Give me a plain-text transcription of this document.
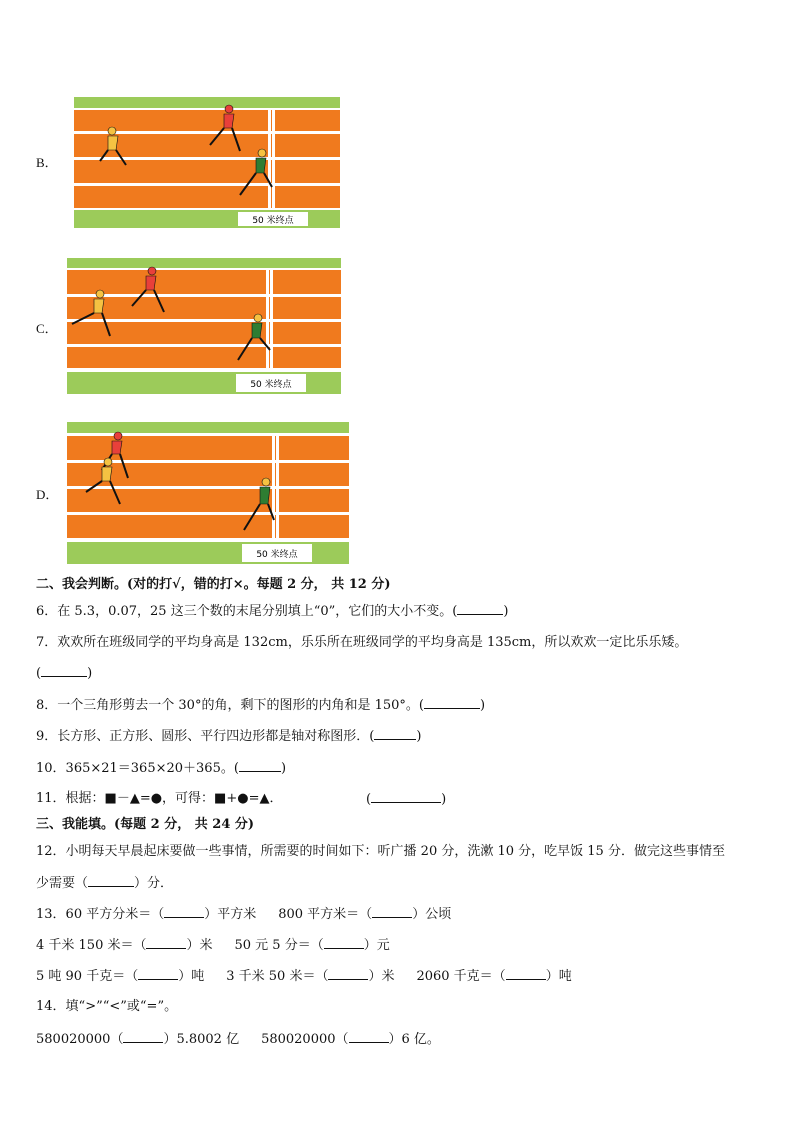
B．
50 米终点
C．
50 米终点
D．
50 米终点
二、我会判断。(对的打√，错的打×。每题 2 分， 共 12 分)
6．在 5.3，0.07，25 这三个数的末尾分别填上“0”，它们的大小不变。(	)
7．欢欢所在班级同学的平均身高是 132cm，乐乐所在班级同学的平均身高是 135cm，所以欢欢一定比乐乐矮。
(	)
8．一个三角形剪去一个 30°的角，剩下的图形的内角和是 150°。(	)
9．长方形、正方形、圆形、平行四边形都是轴对称图形．(	)
10．365×21＝365×20＋365。(	)
11．根据：■－▲=●，可得：■+●=▲．	(	)
三、我能填。(每题 2 分， 共 24 分)
12．小明每天早晨起床要做一些事情，所需要的时间如下：听广播 20 分，洗漱 10 分，吃早饭 15 分．做完这些事情至
少需要（	）分．
13．60 平方分米＝（	）平方米 800 平方米＝（	）公顷
4 千米 150 米＝（	）米 50 元 5 分＝（	）元
5 吨 90 千克＝（	）吨 3 千米 50 米＝（	）米 2060 千克＝（	）吨
14．填“>”“<”或“=”。
580020000（	）5.8002 亿 580020000（	）6 亿。
